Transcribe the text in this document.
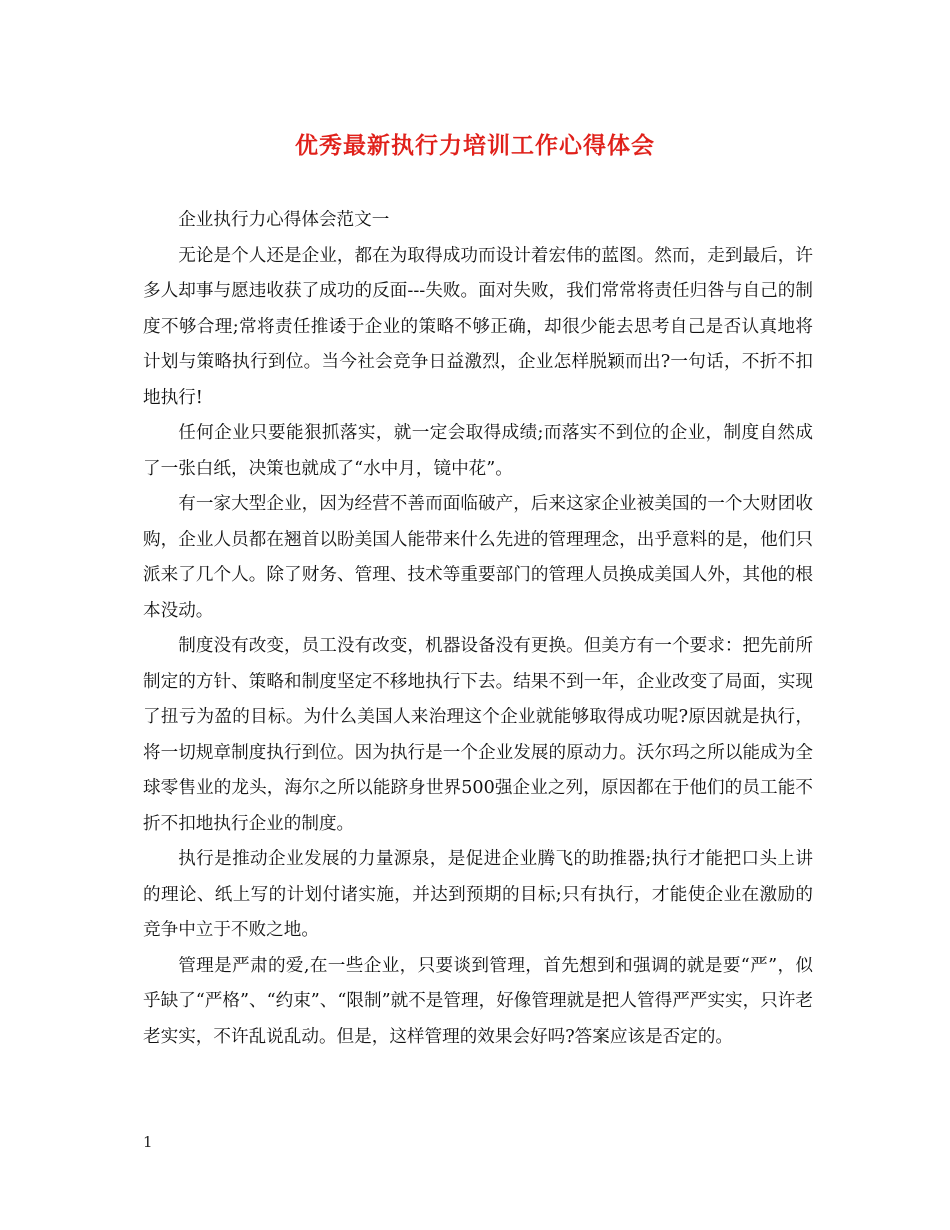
优秀最新执行力培训工作心得体会

企业执行力心得体会范文一

无论是个人还是企业，都在为取得成功而设计着宏伟的蓝图。然而，走到最后，许多人却事与愿违收获了成功的反面---失败。面对失败，我们常常将责任归咎与自己的制度不够合理;常将责任推诿于企业的策略不够正确，却很少能去思考自己是否认真地将计划与策略执行到位。当今社会竞争日益激烈，企业怎样脱颖而出?一句话，不折不扣地执行!

任何企业只要能狠抓落实，就一定会取得成绩;而落实不到位的企业，制度自然成了一张白纸，决策也就成了“水中月，镜中花”。

有一家大型企业，因为经营不善而面临破产，后来这家企业被美国的一个大财团收购，企业人员都在翘首以盼美国人能带来什么先进的管理理念，出乎意料的是，他们只派来了几个人。除了财务、管理、技术等重要部门的管理人员换成美国人外，其他的根本没动。

制度没有改变，员工没有改变，机器设备没有更换。但美方有一个要求：把先前所制定的方针、策略和制度坚定不移地执行下去。结果不到一年，企业改变了局面，实现了扭亏为盈的目标。为什么美国人来治理这个企业就能够取得成功呢?原因就是执行，将一切规章制度执行到位。因为执行是一个企业发展的原动力。沃尔玛之所以能成为全球零售业的龙头，海尔之所以能跻身世界500强企业之列，原因都在于他们的员工能不折不扣地执行企业的制度。

执行是推动企业发展的力量源泉，是促进企业腾飞的助推器;执行才能把口头上讲的理论、纸上写的计划付诸实施，并达到预期的目标;只有执行，才能使企业在激励的竞争中立于不败之地。

管理是严肃的爱,在一些企业，只要谈到管理，首先想到和强调的就是要“严”，似乎缺了“严格”、“约束”、“限制”就不是管理，好像管理就是把人管得严严实实，只许老老实实，不许乱说乱动。但是，这样管理的效果会好吗?答案应该是否定的。

1
